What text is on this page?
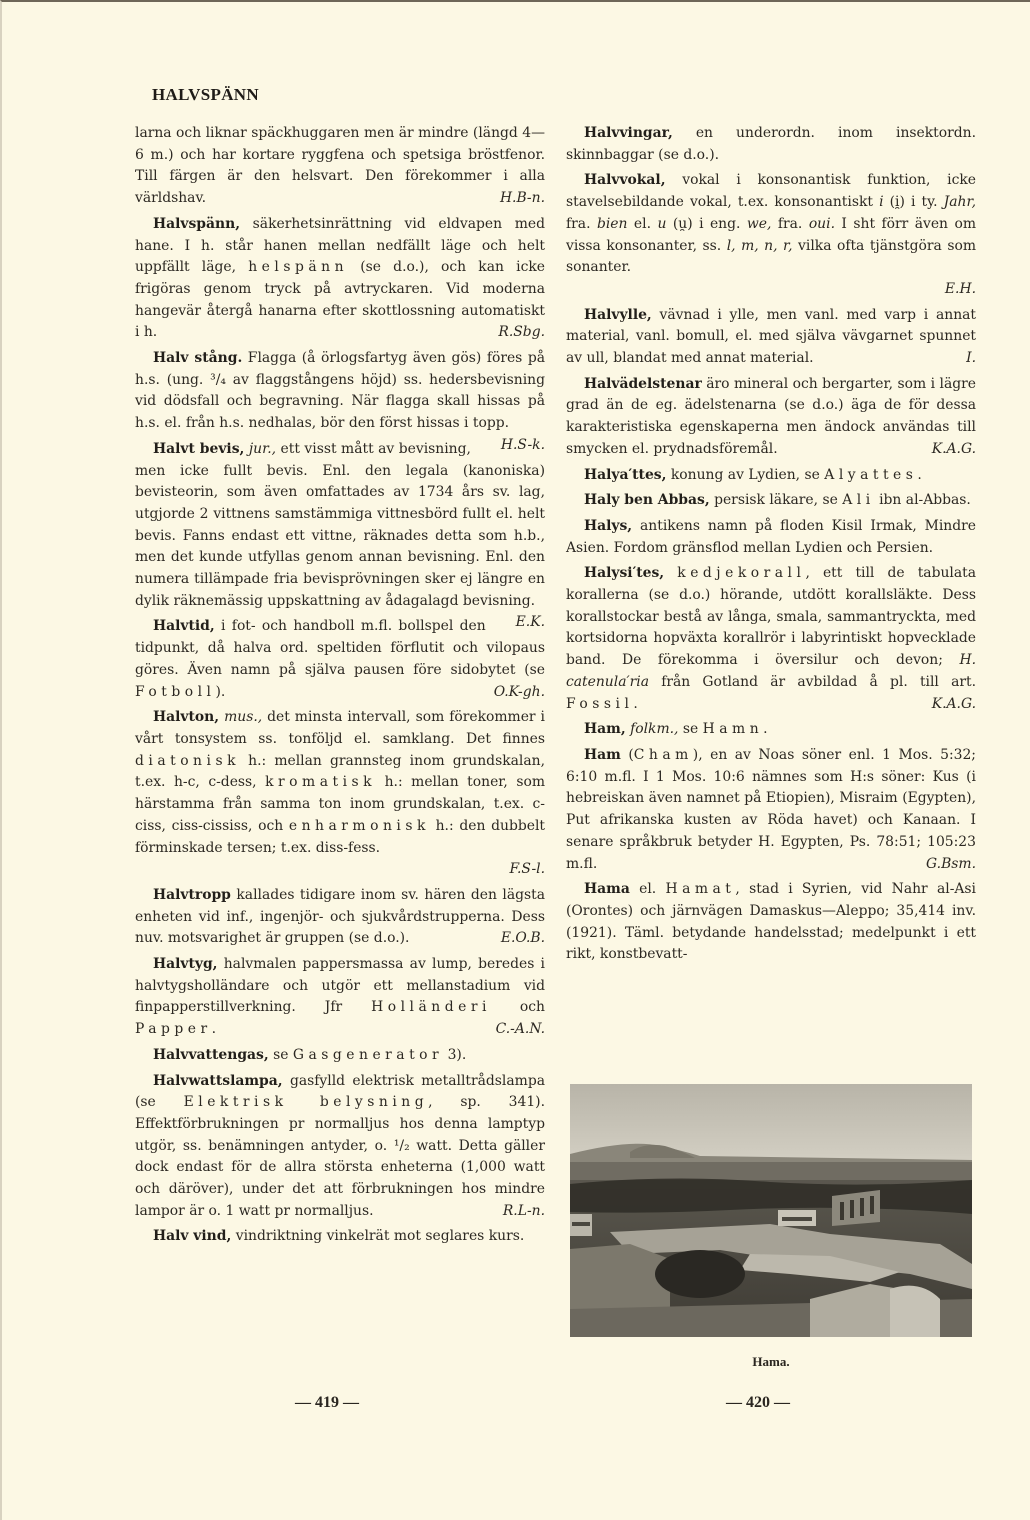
HALVSPÄNN

larna och liknar späckhuggaren men är mindre (längd 4—6 m.) och har kortare ryggfena och spetsiga bröstfenor. Till färgen är den helsvart. Den förekommer i alla världshav.	H.B-n.

Halvspänn, säkerhetsinrättning vid eldvapen med hane. I h. står hanen mellan nedfällt läge och helt uppfällt läge, helspänn (se d.o.), och kan icke frigöras genom tryck på avtryckaren. Vid moderna hangevär återgå hanarna efter skottlossning automatiskt i h.	R.Sbg.

Halv stång. Flagga (å örlogsfartyg även gös) föres på h.s. (ung. ³/₄ av flaggstångens höjd) ss. hedersbevisning vid dödsfall och begravning. När flagga skall hissas på h.s. el. från h.s. nedhalas, bör den först hissas i topp.
H.S-k.

Halvt bevis, jur., ett visst mått av bevisning, men icke fullt bevis. Enl. den legala (kanoniska) bevisteorin, som även omfattades av 1734 års sv. lag, utgjorde 2 vittnens samstämmiga vittnesbörd fullt el. helt bevis. Fanns endast ett vittne, räknades detta som h.b., men det kunde utfyllas genom annan bevisning. Enl. den numera tillämpade fria bevisprövningen sker ej längre en dylik räknemässig uppskattning av ådagalagd bevisning.
E.K.

Halvtid, i fot- och handboll m.fl. bollspel den tidpunkt, då halva ord. speltiden förflutit och vilopaus göres. Även namn på själva pausen före sidobytet (se Fotboll).	O.K-gh.

Halvton, mus., det minsta intervall, som förekommer i vårt tonsystem ss. tonföljd el. samklang. Det finnes diatonisk h.: mellan grannsteg inom grundskalan, t.ex. h-c, c-dess, kromatisk h.: mellan toner, som härstamma från samma ton inom grundskalan, t.ex. c-ciss, ciss-cississ, och enharmonisk h.: den dubbelt förminskade tersen; t.ex. diss-fess.
F.S-l.

Halvtropp kallades tidigare inom sv. hären den lägsta enheten vid inf., ingenjör- och sjukvårdstrupperna. Dess nuv. motsvarighet är gruppen (se d.o.).	E.O.B.

Halvtyg, halvmalen pappersmassa av lump, beredes i halvtygsholländare och utgör ett mellanstadium vid finpapperstillverkning. Jfr Holländeri och Papper.	C.-A.N.

Halvvattengas, se Gasgenerator 3).

Halvwattslampa, gasfylld elektrisk metalltrådslampa (se Elektrisk belysning, sp. 341). Effektförbrukningen pr normalljus hos denna lamptyp utgör, ss. benämningen antyder, o. ¹/₂ watt. Detta gäller dock endast för de allra största enheterna (1,000 watt och däröver), under det att förbrukningen hos mindre lampor är o. 1 watt pr normalljus.	R.L-n.

Halv vind, vindriktning vinkelrät mot seglares kurs.

Halvvingar, en underordn. inom insektordn. skinnbaggar (se d.o.).

Halvvokal, vokal i konsonantisk funktion, icke stavelsebildande vokal, t.ex. konsonantiskt i (i̯) i ty. Jahr, fra. bien el. u (u̯) i eng. we, fra. oui. I sht förr även om vissa konsonanter, ss. l, m, n, r, vilka ofta tjänstgöra som sonanter.
E.H.

Halvylle, vävnad i ylle, men vanl. med varp i annat material, vanl. bomull, el. med själva vävgarnet spunnet av ull, blandat med annat material.	I.

Halvädelstenar äro mineral och bergarter, som i lägre grad än de eg. ädelstenarna (se d.o.) äga de för dessa karakteristiska egenskaperna men ändock användas till smycken el. prydnadsföremål.	K.A.G.

Halya′ttes, konung av Lydien, se Alyattes.

Haly ben Abbas, persisk läkare, se Ali ibn al-Abbas.

Halys, antikens namn på floden Kisil Irmak, Mindre Asien. Fordom gränsflod mellan Lydien och Persien.

Halysi′tes, kedjekorall, ett till de tabulata korallerna (se d.o.) hörande, utdött korallsläkte. Dess korallstockar bestå av långa, smala, sammantryckta, med kortsidorna hopväxta korallrör i labyrintiskt hopvecklade band. De förekomma i översilur och devon; H. catenula′ria från Gotland är avbildad å pl. till art. Fossil.	K.A.G.

Ham, folkm., se Hamn.

Ham (Cham), en av Noas söner enl. 1 Mos. 5:32; 6:10 m.fl. I 1 Mos. 10:6 nämnes som H:s söner: Kus (i hebreiskan även namnet på Etiopien), Misraim (Egypten), Put afrikanska kusten av Röda havet) och Kanaan. I senare språkbruk betyder H. Egypten, Ps. 78:51; 105:23 m.fl.	G.Bsm.

Hama el. Hamat, stad i Syrien, vid Nahr al-Asi (Orontes) och järnvägen Damaskus—Aleppo; 35,414 inv. (1921). Täml. betydande handelsstad; medelpunkt i ett rikt, konstbevatt-

Hama.
— 419 —	— 420 —
